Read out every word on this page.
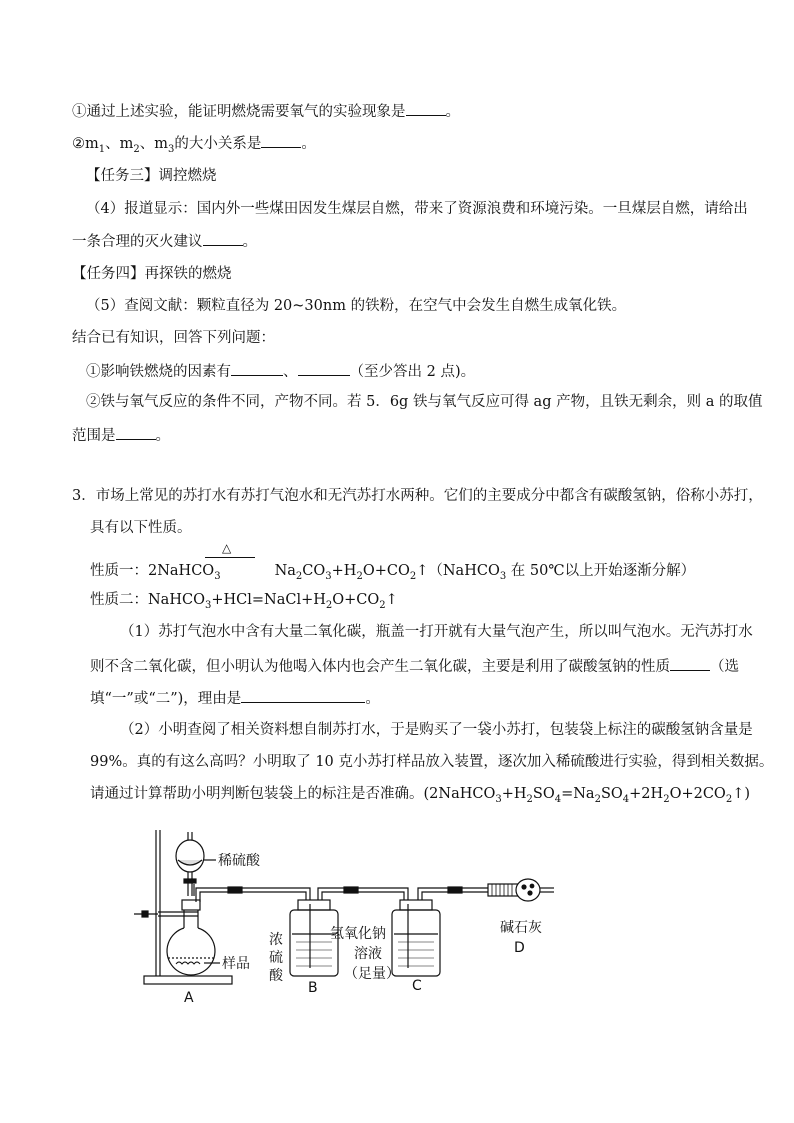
①通过上述实验，能证明燃烧需要氧气的实验现象是	。
$②m_1$、$m_2$、$m_3$的大小关系是	。
【任务三】调控燃烧
（4）报道显示：国内外一些煤田因发生煤层自燃，带来了资源浪费和环境污染。一旦煤层自燃，请给出
一条合理的灭火建议	。
【任务四】再探铁的燃烧
（5）查阅文献：颗粒直径为 20~30nm 的铁粉，在空气中会发生自燃生成氧化铁。
结合已有知识，回答下列问题：
①影响铁燃烧的因素有	、	（至少答出 2 点)。
②铁与氧气反应的条件不同，产物不同。若 5．6g 铁与氧气反应可得 ag 产物，且铁无剩余，则 a 的取值
范围是	。
3．市场上常见的苏打水有苏打气泡水和无汽苏打水两种。它们的主要成分中都含有碳酸氢钠，俗称小苏打，
具有以下性质。
△
性质一：2NaHCO$_3$	$Na_2CO_3+H_2O+CO_2↑(NaHCO_3$ 在 50℃以上开始逐渐分解）
性质二：$NaHCO_3+HCl=NaCl+H_2O+CO_2↑$
（1）苏打气泡水中含有大量二氧化碳，瓶盖一打开就有大量气泡产生，所以叫气泡水。无汽苏打水
则不含二氧化碳，但小明认为他喝入体内也会产生二氧化碳，主要是利用了碳酸氢钠的性质	（选
填“一”或“二”)，理由是	。
（2）小明查阅了相关资料想自制苏打水，于是购买了一袋小苏打，包装袋上标注的碳酸氢钠含量是
99%。真的有这么高吗？小明取了 10 克小苏打样品放入装置，逐次加入稀硫酸进行实验，得到相关数据。
请通过计算帮助小明判断包装袋上的标注是否准确。$(2NaHCO_3+H_2SO_4=Na_2SO_4+2H_2O+2CO_2↑)$
稀硫酸
样品
A
浓
硫
酸
B
氢氧化钠
溶液
（足量）
C
碱石灰
D
